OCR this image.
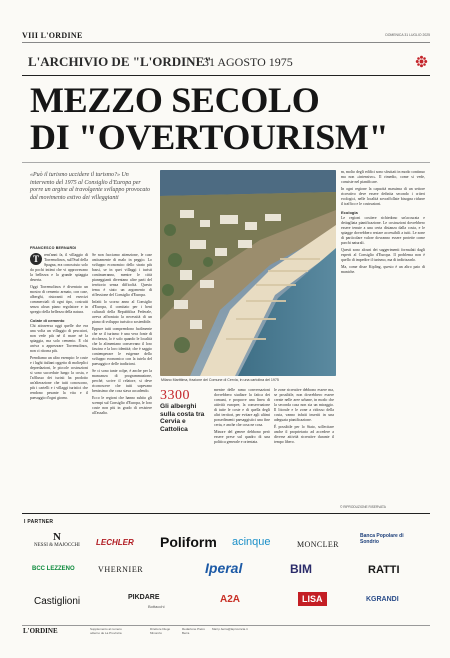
VIII L'ORDINE	DOMENICA 31 LUGLIO 2025
L'ARCHIVIO DE "L'ORDINE"
31 AGOSTO 1975
MEZZO SECOLO
DI "OVERTOURISM"
«Può il turismo uccidere il turismo?» Un intervento del 1975 al Consiglio d'Europa per porre un argine al travolgente sviluppo provocato dal movimento estivo dei villeggianti
FRANCESCO BERNARDI

T	rent'anni fa, il villaggio di Torremolinos, sull'Sud della Spagna, era conosciuto solo da pochi intimi che vi approvavano la bellezza e la grande spiaggia deserta.

Oggi Torremolinos è diventato un mostro di cemento armato, con case, alberghi, ristoranti ed esercizi commerciali di ogni tipo, costruiti senza alcun piano regolatore e in spregio della bellezza della natura.

Colate di cemento

Chi attraversa oggi quelle che era una volta un villaggio di pescatori, non vede più né il mare né la spiaggia, ma solo cemento. E chi arriva a apprezzare Torremolinos, non ci ritorna più.

Prendiamo un altro esempio: le coste e i laghi italiani oggetto di molteplici depredazioni, le piccole costruzioni si sono succedute lungo la costa, e l'afflusso dei turisti ha prodotto un'alterazione che tutti conoscono, più i cartelli e i villaggi turistici che rendono pesante la vita e il paesaggio d'ogni giorno.

Se non facciamo attenzione, le case anticamente di malo in peggio. Lo sviluppo economico dello strato più bassi, se in quei villaggi i turisti continueranno, mentre le città pianeggianti diventano altre parti del territorio senza difficoltà. Questo tema è stato un argomento di riflessione del Consiglio d'Europa.

Infatti lo scorso anno al Consiglio d'Europa, il comitato per i beni culturali della Repubblica Federale, aveva affrontato la necessità di un piano di sviluppo turistico sostenibile.

Eppure tutti comprendono facilmente che se il turismo è una vera fonte di ricchezza, lo è solo quando le località che lo alimentano conservano il loro fascino e la loro identità; che è saggio contemperare le esigenze dello sviluppo economico con la tutela del paesaggio e delle tradizioni.

Se ci sono tante colpe, è anche per la mancanza di programmazione, perché, scrive il relatore, si deve riconoscere che tutti sapevano benissimo che cosa stava accadendo.

Ecco le regioni che hanno subito gli scempi sul Consiglio d'Europa, le loro coste non più in grado di resistere all'assalto.

Milano Marittima, frazione del Comune di Cervia, in una cartolina del 1975
3300
Gli alberghi sulla costa tra Cervia e Cattolica

mentre delle ramo conversazioni dovrebbero studiare la fatica dei comuni, e proporre una linea di attività europee, la conservazione di tutte le coste e di quella degli altri territori, per evitare agli ultimi possedimenti paesaggistici una fine certa, e anche che cosa ne cosa.

Minore del genere debbono però essere prese sul quadro di una politica generale e orientata.

le zone ricreative debbono essere ma, se possibile, non dovrebbero essere create nelle aree urbane, in modo che la seconda casa non sia un miraggio. Il litorale e le zone a ridosso della costa, vanno infatti inseriti in una adeguata pianificazione.

È possibile per lo Stato, sollecitare anche il proprietario ad accedere a diverse attività ricreative durante il tempo libero.

m, molto degli edifici sono sfruttati in modo continuo ma non «intensivo». Il rimedio, come si vede, consiste nel pianificare.

In ogni regione la capacità massima di un settore ricreativo deve essere definita secondo i criteri ecologici, nelle località sovraffollate bisogna ridurre il traffico e le costruzioni.

Ecologia

Le regioni costiere richiedono un'accurata e dettagliata pianificazione. Le costruzioni dovrebbero essere tenute a una certa distanza dalla costa, e le spiagge dovrebbero restare accessibili a tutti. Le zone di particolare valore dovranno essere protette come parchi naturali.

Questi sono alcuni dei suggerimenti formulati dagli esperti al Consiglio d'Europa. Il problema non è quello di impedire il turismo, ma di indirizzarlo.

Ma, come disse Kipling, questo è un altro paio di maniche.

© RIPRODUZIONE RISERVATA
I PARTNER
N
NESSI & MAJOCCHI LECHLER Poliform acinque	MONCLER
Banca Popolare di Sondrio
BCC LEZZENO	VHERNIER	Iperal	BIM	RATTI
Castiglioni	PIKDARE
Bottacchi
A2A	LISA	KGRANDI
L'ORDINE	Supplemento al numero odierno de La Provincia
Direttore Diego Minonzio
Redazione Pietro Berra
Mail p.berra@laprovincia.it
